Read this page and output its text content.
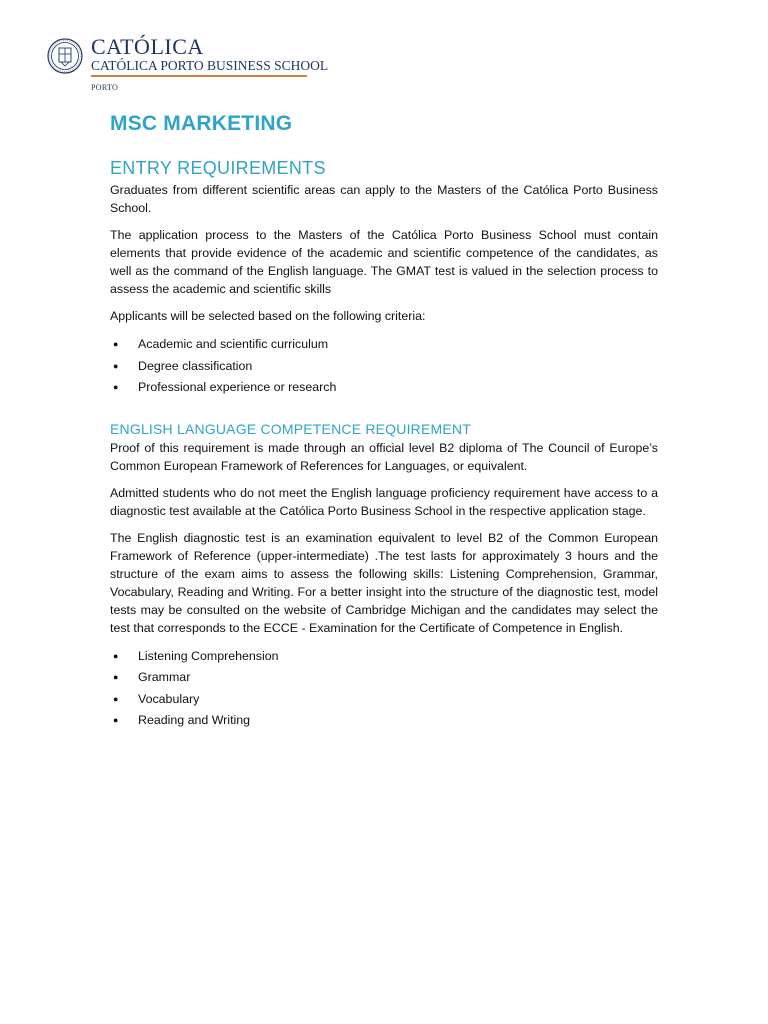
CATÓLICA
CATÓLICA PORTO BUSINESS SCHOOL
PORTO
MSC MARKETING
ENTRY REQUIREMENTS

Graduates from different scientific areas can apply to the Masters of the Católica Porto Business School.

The application process to the Masters of the Católica Porto Business School must contain elements that provide evidence of the academic and scientific competence of the candidates, as well as the command of the English language. The GMAT test is valued in the selection process to assess the academic and scientific skills

Applicants will be selected based on the following criteria:

● Academic and scientific curriculum
● Degree classification
● Professional experience or research
ENGLISH LANGUAGE COMPETENCE REQUIREMENT

Proof of this requirement is made through an official level B2 diploma of The Council of Europe’s Common European Framework of References for Languages, or equivalent.

Admitted students who do not meet the English language proficiency requirement have access to a diagnostic test available at the Católica Porto Business School in the respective application stage.

The English diagnostic test is an examination equivalent to level B2 of the Common European Framework of Reference (upper-intermediate) .The test lasts for approximately 3 hours and the structure of the exam aims to assess the following skills: Listening Comprehension, Grammar, Vocabulary, Reading and Writing. For a better insight into the structure of the diagnostic test, model tests may be consulted on the website of Cambridge Michigan and the candidates may select the test that corresponds to the ECCE - Examination for the Certificate of Competence in English.

● Listening Comprehension
● Grammar
● Vocabulary
● Reading and Writing
